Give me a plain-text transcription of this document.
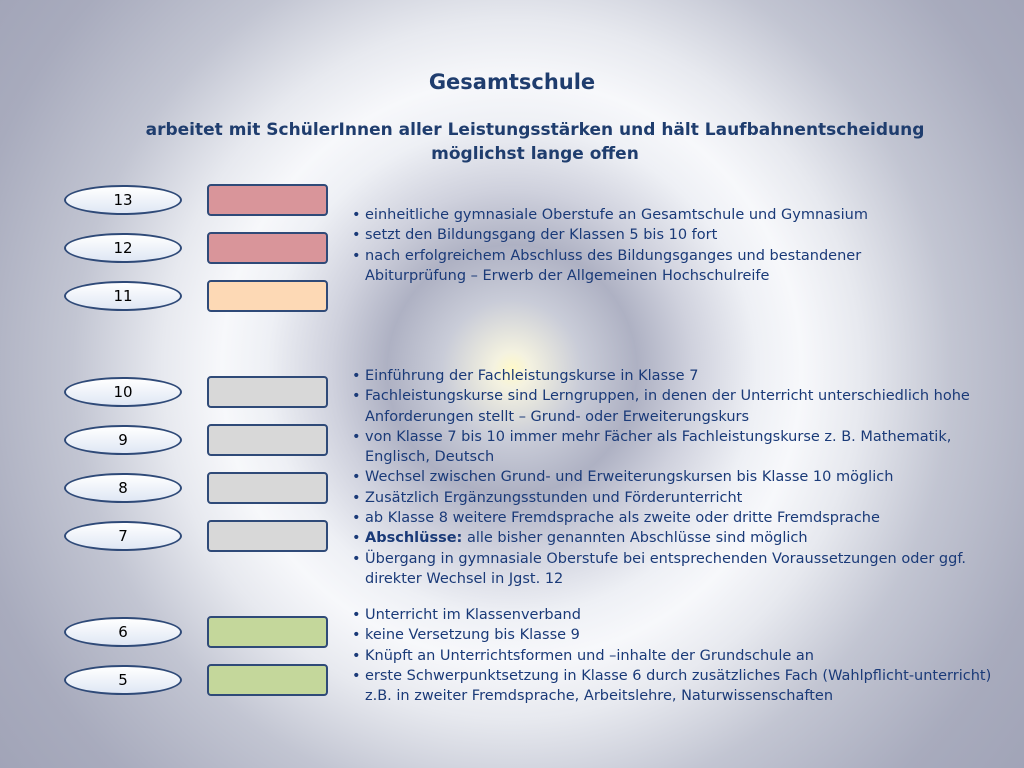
Gesamtschule
arbeitet mit SchülerInnen aller Leistungsstärken und hält Laufbahnentscheidung
möglichst lange offen
13
12
11
10
9
8
7
6
5
• einheitliche gymnasiale Oberstufe an Gesamtschule und Gymnasium
• setzt den Bildungsgang der Klassen 5 bis 10 fort
• nach erfolgreichem Abschluss des Bildungsganges und bestandener Abiturprüfung – Erwerb der Allgemeinen Hochschulreife
• Einführung der Fachleistungskurse in Klasse 7
• Fachleistungskurse sind Lerngruppen, in denen der Unterricht unterschiedlich hohe Anforderungen stellt – Grund- oder Erweiterungskurs
• von Klasse 7 bis 10 immer mehr Fächer als Fachleistungskurse z. B. Mathematik, Englisch, Deutsch
• Wechsel zwischen Grund- und Erweiterungskursen bis Klasse 10 möglich
• Zusätzlich Ergänzungsstunden und Förderunterricht
• ab Klasse 8 weitere Fremdsprache als zweite oder dritte Fremdsprache
• Abschlüsse: alle bisher genannten Abschlüsse sind möglich
• Übergang in gymnasiale Oberstufe bei entsprechenden Voraussetzungen oder ggf. direkter Wechsel in Jgst. 12
• Unterricht im Klassenverband
• keine Versetzung bis Klasse 9
• Knüpft an Unterrichtsformen und –inhalte der Grundschule an
• erste Schwerpunktsetzung in Klasse 6 durch zusätzliches Fach (Wahlpflicht-unterricht) z.B. in zweiter Fremdsprache, Arbeitslehre, Naturwissenschaften
